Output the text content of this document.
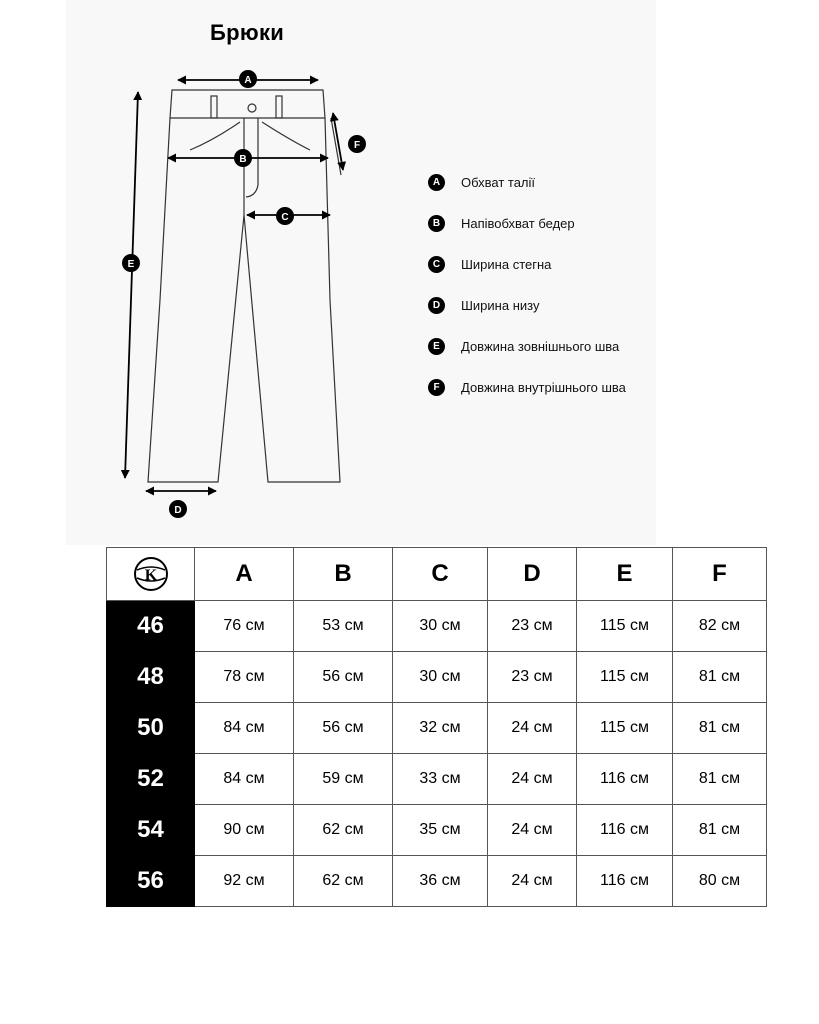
Брюки
A
B
C
D
E
F
A	Обхват талії
B	Напівобхват бедер
C	Ширина стегна
D	Ширина низу
E	Довжина зовнішнього шва
F	Довжина внутрішнього шва
K	A	B	C	D	E	F
46	76 см	53 см	30 см	23 см	115 см	82 см
48	78 см	56 см	30 см	23 см	115 см	81 см
50	84 см	56 см	32 см	24 см	115 см	81 см
52	84 см	59 см	33 см	24 см	116 см	81 см
54	90 см	62 см	35 см	24 см	116 см	81 см
56	92 см	62 см	36 см	24 см	116 см	80 см
